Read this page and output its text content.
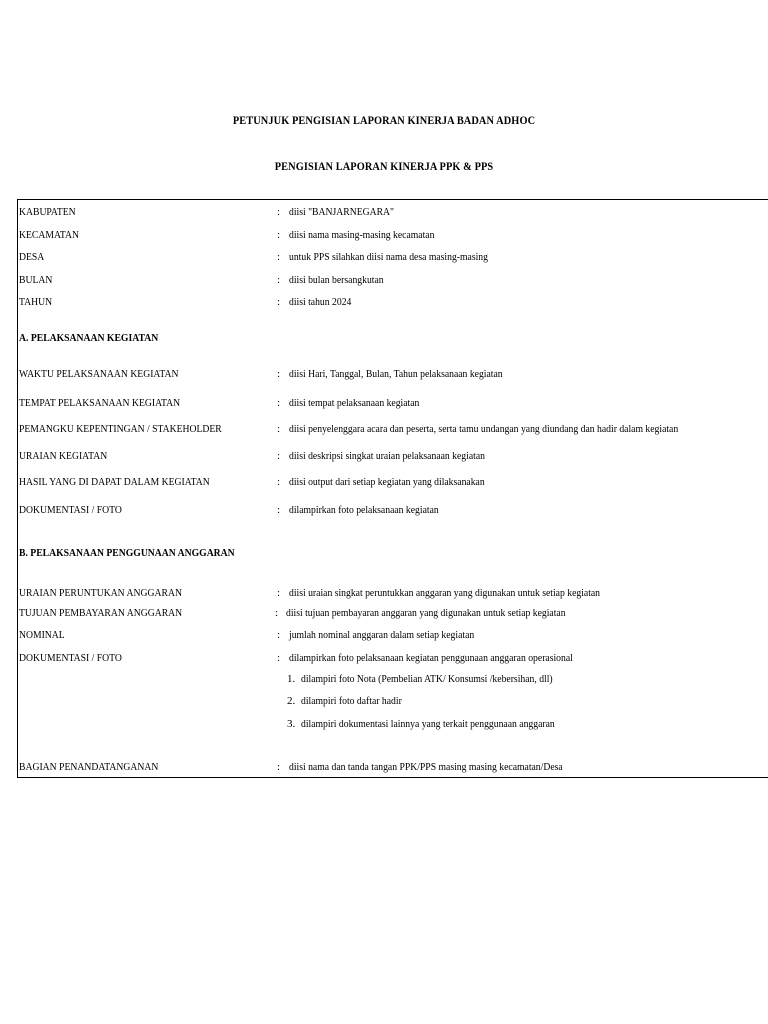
PETUNJUK PENGISIAN LAPORAN KINERJA BADAN ADHOC
PENGISIAN LAPORAN KINERJA PPK & PPS
KABUPATEN	: diisi "BANJARNEGARA"
KECAMATAN	: diisi nama masing-masing kecamatan
DESA	: untuk PPS silahkan diisi nama desa masing-masing
BULAN	: diisi bulan bersangkutan
TAHUN	: diisi tahun 2024
A. PELAKSANAAN KEGIATAN
WAKTU PELAKSANAAN KEGIATAN	: diisi Hari, Tanggal, Bulan, Tahun pelaksanaan kegiatan
TEMPAT PELAKSANAAN KEGIATAN	: diisi tempat pelaksanaan kegiatan
PEMANGKU KEPENTINGAN / STAKEHOLDER	: diisi penyelenggara acara dan peserta, serta tamu undangan yang diundang dan hadir dalam kegiatan
URAIAN KEGIATAN	: diisi deskripsi singkat uraian pelaksanaan kegiatan
HASIL YANG DI DAPAT DALAM KEGIATAN	: diisi output dari setiap kegiatan yang dilaksanakan
DOKUMENTASI / FOTO	: dilampirkan foto pelaksanaan kegiatan
B. PELAKSANAAN PENGGUNAAN ANGGARAN
URAIAN PERUNTUKAN ANGGARAN	: diisi uraian singkat peruntukkan anggaran yang digunakan untuk setiap kegiatan
TUJUAN PEMBAYARAN ANGGARAN	: diisi tujuan pembayaran anggaran yang digunakan untuk setiap kegiatan
NOMINAL	: jumlah nominal anggaran dalam setiap kegiatan
DOKUMENTASI / FOTO	: dilampirkan foto pelaksanaan kegiatan penggunaan anggaran operasional
1. dilampiri foto Nota (Pembelian ATK/ Konsumsi /kebersihan, dll)
2. dilampiri foto daftar hadir
3. dilampiri dokumentasi lainnya yang terkait penggunaan anggaran
BAGIAN PENANDATANGANAN	: diisi nama dan tanda tangan PPK/PPS masing masing kecamatan/Desa
